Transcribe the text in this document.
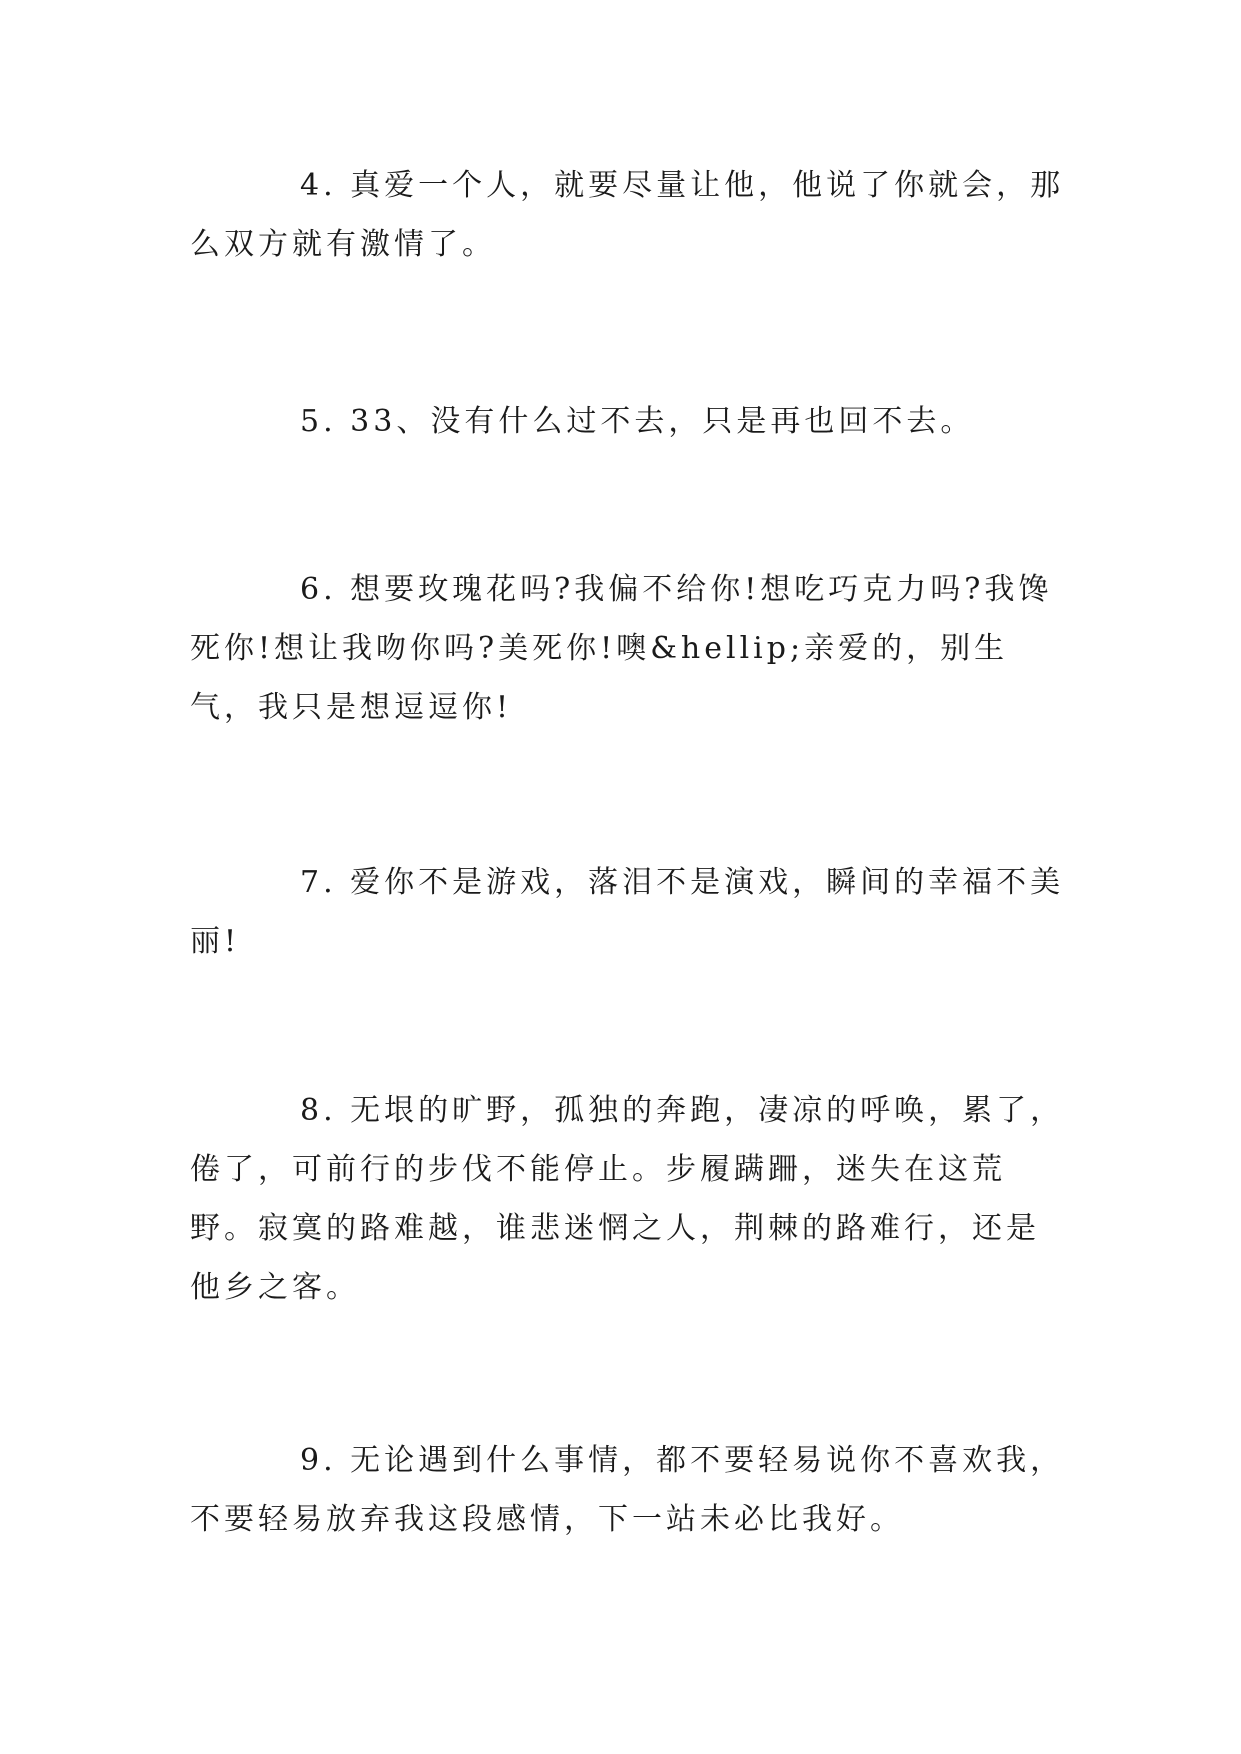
4. 真爱一个人，就要尽量让他，他说了你就会，那么双方就有激情了。

5. 33、没有什么过不去，只是再也回不去。

6. 想要玫瑰花吗?我偏不给你!想吃巧克力吗?我馋死你!想让我吻你吗?美死你!噢&hellip;亲爱的，别生气，我只是想逗逗你!

7. 爱你不是游戏，落泪不是演戏，瞬间的幸福不美丽!

8. 无垠的旷野，孤独的奔跑，凄凉的呼唤，累了，倦了，可前行的步伐不能停止。步履蹒跚，迷失在这荒野。寂寞的路难越，谁悲迷惘之人，荆棘的路难行，还是他乡之客。

9. 无论遇到什么事情，都不要轻易说你不喜欢我，不要轻易放弃我这段感情，下一站未必比我好。
